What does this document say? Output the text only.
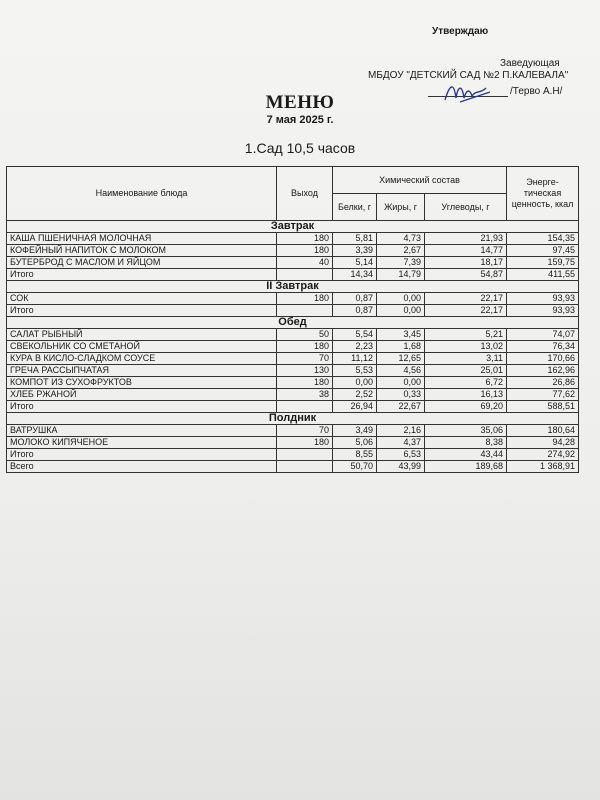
Утверждаю
Заведующая
МБДОУ "ДЕТСКИЙ САД №2 П.КАЛЕВАЛА"
/Терво А.Н/
МЕНЮ
7 мая 2025 г.
1.Сад 10,5 часов
Наименование блюда	Выход	Химический состав			Энерге-тическая ценность, ккал
		Белки, г	Жиры, г	Углеводы, г	
Завтрак					
КАША ПШЕНИЧНАЯ МОЛОЧНАЯ	180	5,81	4,73	21,93	154,35
КОФЕЙНЫЙ НАПИТОК С МОЛОКОМ	180	3,39	2,67	14,77	97,45
БУТЕРБРОД С МАСЛОМ И ЯЙЦОМ	40	5,14	7,39	18,17	159,75
Итого		14,34	14,79	54,87	411,55
II Завтрак					
СОК	180	0,87	0,00	22,17	93,93
Итого		0,87	0,00	22,17	93,93
Обед					
САЛАТ РЫБНЫЙ	50	5,54	3,45	5,21	74,07
СВЕКОЛЬНИК СО СМЕТАНОЙ	180	2,23	1,68	13,02	76,34
КУРА В КИСЛО-СЛАДКОМ СОУСЕ	70	11,12	12,65	3,11	170,66
ГРЕЧА РАССЫПЧАТАЯ	130	5,53	4,56	25,01	162,96
КОМПОТ ИЗ СУХОФРУКТОВ	180	0,00	0,00	6,72	26,86
ХЛЕБ РЖАНОЙ	38	2,52	0,33	16,13	77,62
Итого		26,94	22,67	69,20	588,51
Полдник					
ВАТРУШКА	70	3,49	2,16	35,06	180,64
МОЛОКО КИПЯЧЕНОЕ	180	5,06	4,37	8,38	94,28
Итого		8,55	6,53	43,44	274,92
Всего		50,70	43,99	189,68	1 368,91
